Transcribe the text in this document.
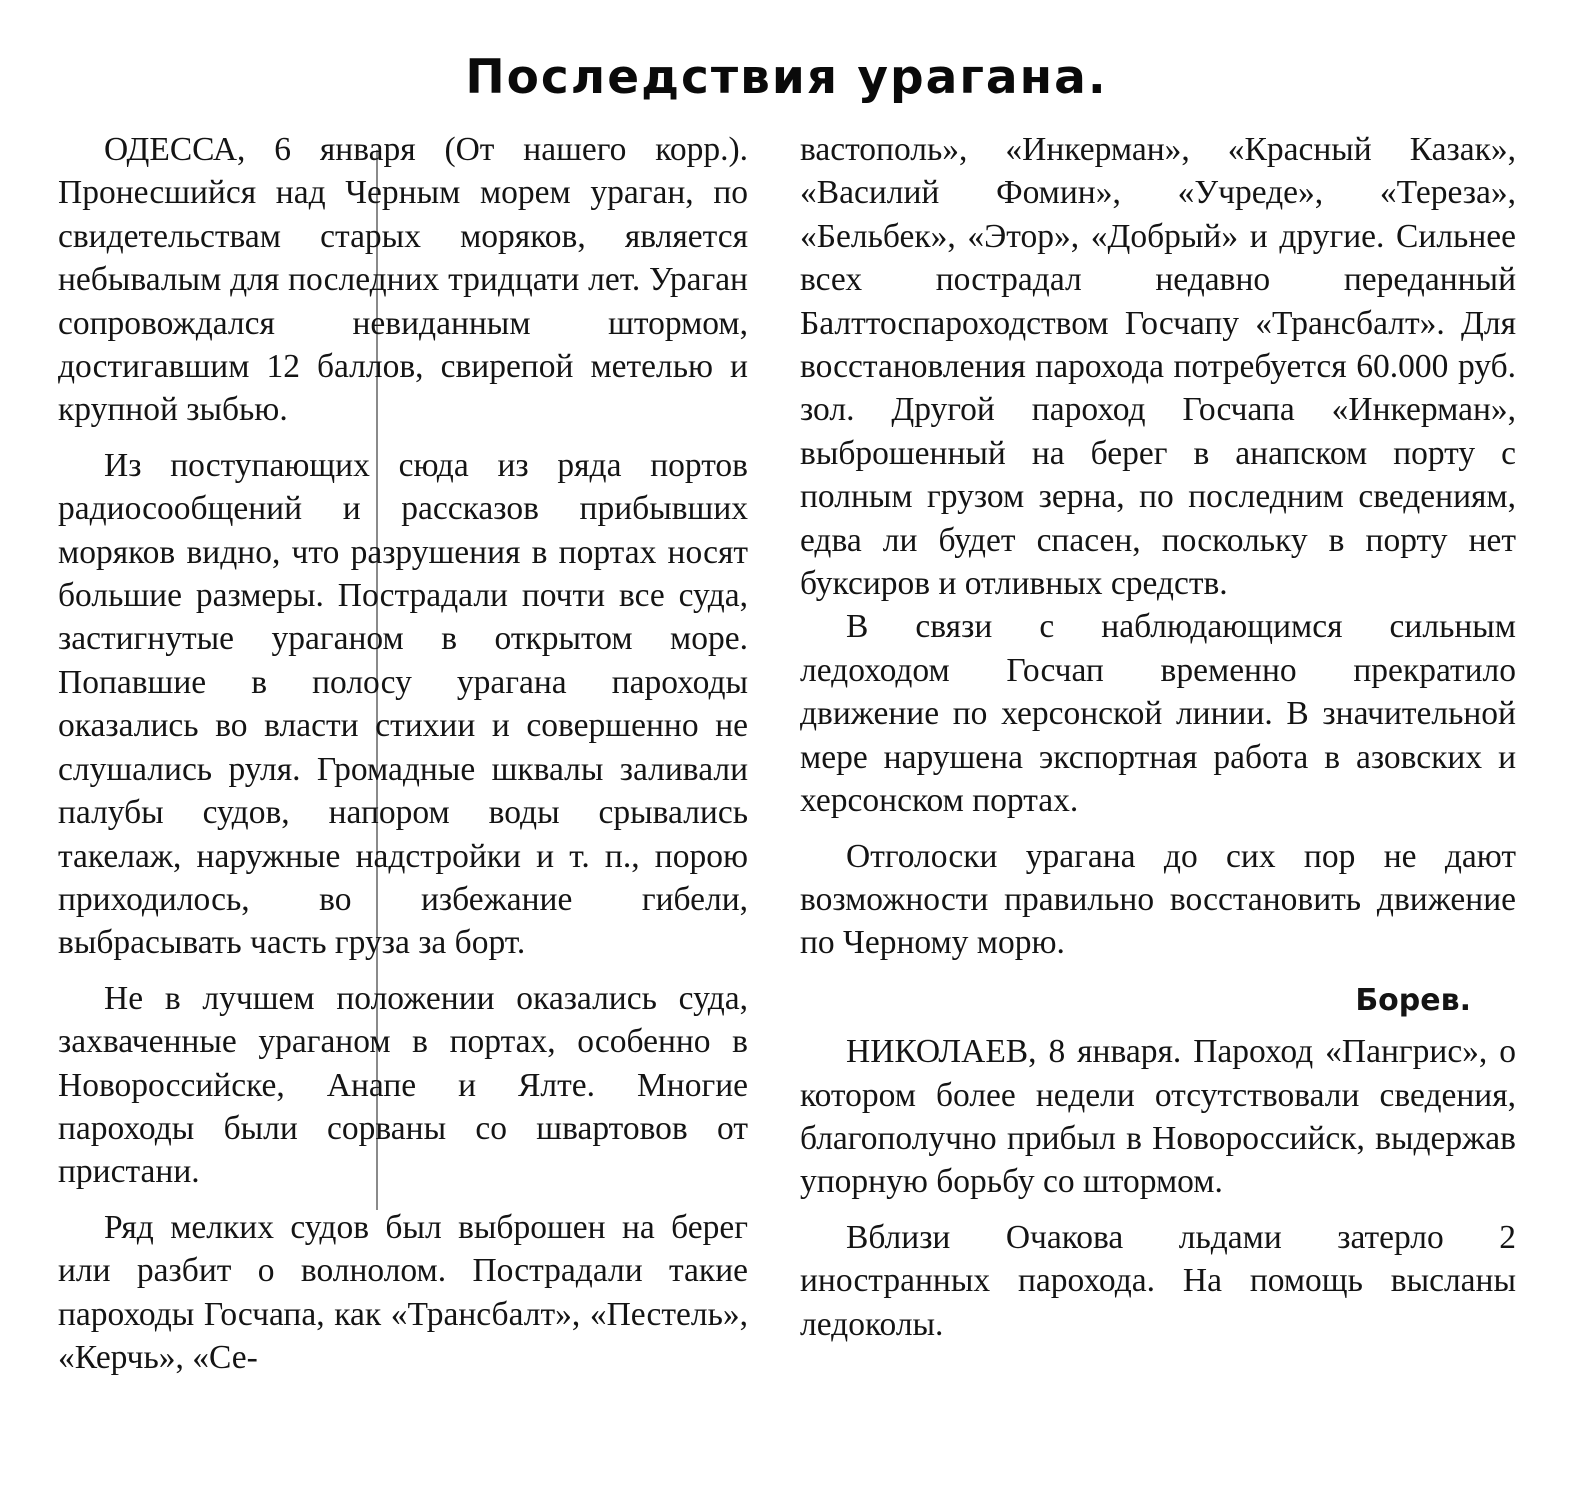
Последствия урагана.

ОДЕССА, 6 января (От нашего корр.). Пронесшийся над Черным морем ураган, по свидетельствам старых моряков, является небывалым для последних тридцати лет. Ураган сопровождался невиданным штормом, достигавшим 12 баллов, свирепой метелью и крупной зыбью.

Из поступающих сюда из ряда портов радиосообщений и рассказов прибывших моряков видно, что разрушения в портах носят большие размеры. Пострадали почти все суда, застигнутые ураганом в открытом море. Попавшие в полосу урагана пароходы оказались во власти стихии и совершенно не слушались руля. Громадные шквалы заливали палубы судов, напором воды срывались такелаж, наружные надстройки и т. п., порою приходилось, во избежание гибели, выбрасывать часть груза за борт.

Не в лучшем положении оказались суда, захваченные ураганом в портах, особенно в Новороссийске, Анапе и Ялте. Многие пароходы были сорваны со швартовов от пристани.

Ряд мелких судов был выброшен на берег или разбит о волнолом. Пострадали такие пароходы Госчапа, как «Трансбалт», «Пестель», «Керчь», «Се-

вастополь», «Инкерман», «Красный Казак», «Василий Фомин», «Учреде», «Тереза», «Бельбек», «Этор», «Добрый» и другие. Сильнее всех пострадал недавно переданный Балттоспароходством Госчапу «Трансбалт». Для восстановления парохода потребуется 60.000 руб. зол. Другой пароход Госчапа «Инкерман», выброшенный на берег в анапском порту с полным грузом зерна, по последним сведениям, едва ли будет спасен, поскольку в порту нет буксиров и отливных средств.

В связи с наблюдающимся сильным ледоходом Госчап временно прекратило движение по херсонской линии. В значительной мере нарушена экспортная работа в азовских и херсонском портах.

Отголоски урагана до сих пор не дают возможности правильно восстановить движение по Черному морю.

Борев.

НИКОЛАЕВ, 8 января. Пароход «Пангрис», о котором более недели отсутствовали сведения, благополучно прибыл в Новороссийск, выдержав упорную борьбу со штормом.

Вблизи Очакова льдами затерло 2 иностранных парохода. На помощь высланы ледоколы.
